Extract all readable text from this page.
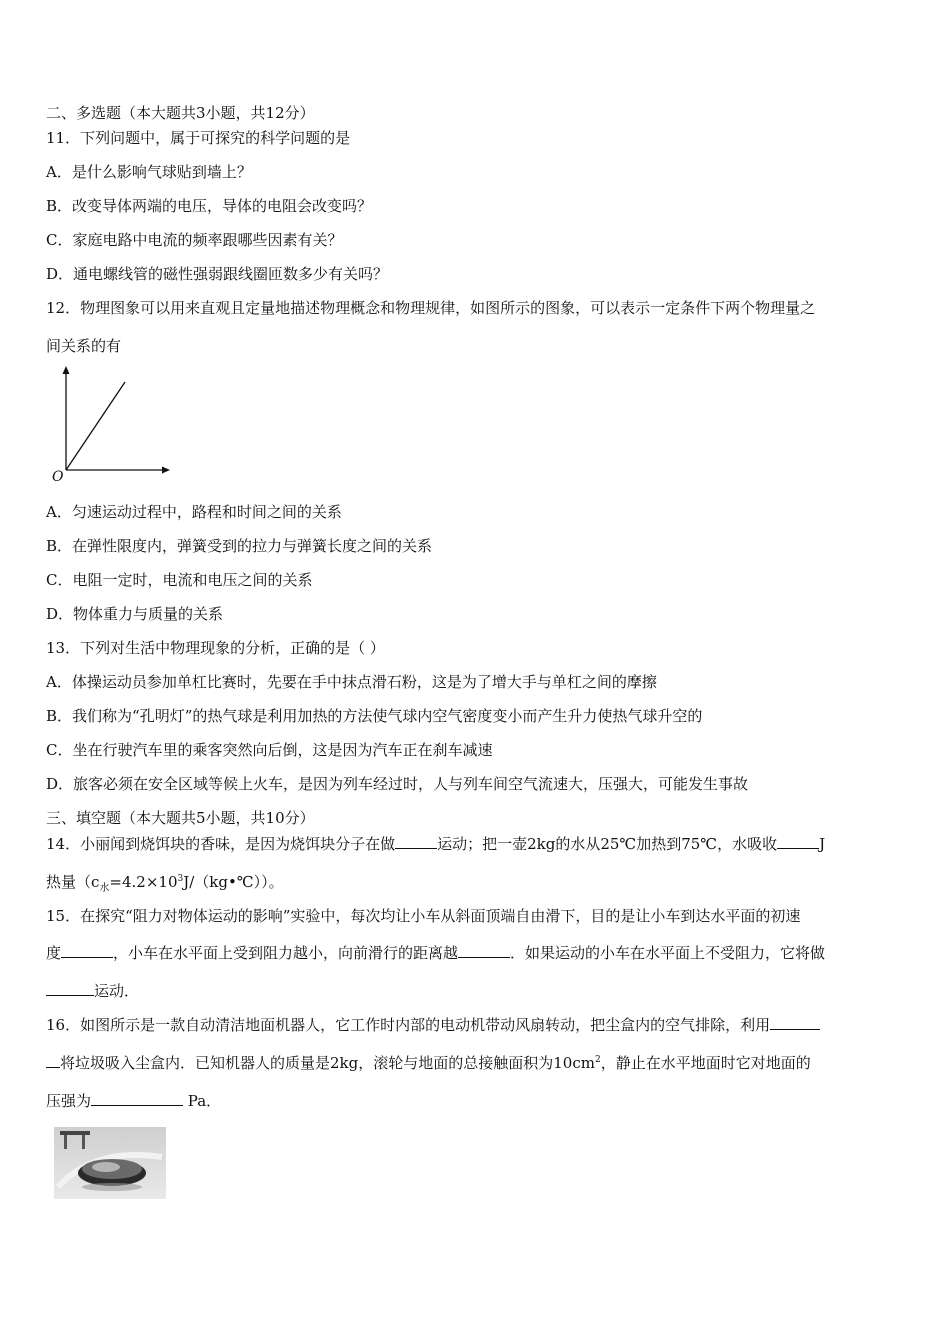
二、多选题（本大题共3小题，共12分）
11．下列问题中，属于可探究的科学问题的是
A．是什么影响气球贴到墙上？
B．改变导体两端的电压，导体的电阻会改变吗？
C．家庭电路中电流的频率跟哪些因素有关？
D．通电螺线管的磁性强弱跟线圈匝数多少有关吗？
12．物理图象可以用来直观且定量地描述物理概念和物理规律，如图所示的图象，可以表示一定条件下两个物理量之
间关系的有
O
A．匀速运动过程中，路程和时间之间的关系
B．在弹性限度内，弹簧受到的拉力与弹簧长度之间的关系
C．电阻一定时，电流和电压之间的关系
D．物体重力与质量的关系
13．下列对生活中物理现象的分析，正确的是（ ）
A．体操运动员参加单杠比赛时，先要在手中抹点滑石粉，这是为了增大手与单杠之间的摩擦
B．我们称为“孔明灯”的热气球是利用加热的方法使气球内空气密度变小而产生升力使热气球升空的
C．坐在行驶汽车里的乘客突然向后倒，这是因为汽车正在刹车减速
D．旅客必须在安全区域等候上火车，是因为列车经过时，人与列车间空气流速大，压强大，可能发生事故
三、填空题（本大题共5小题，共10分）
14．小丽闻到烧饵块的香味，是因为烧饵块分子在做	运动；把一壶2kg的水从25℃加热到75℃，水吸收	J
热量$(c_水=4.2\times 10^3J/(kg•℃))$。
15．在探究“阻力对物体运动的影响”实验中，每次均让小车从斜面顶端自由滑下，目的是让小车到达水平面的初速
度	，小车在水平面上受到阻力越小，向前滑行的距离越	．如果运动的小车在水平面上不受阻力，它将做
运动．
16．如图所示是一款自动清洁地面机器人，它工作时内部的电动机带动风扇转动，把尘盒内的空气排除，利用
将垃圾吸入尘盒内．已知机器人的质量是2kg，滚轮与地面的总接触面积为$10cm^2$，静止在水平地面时它对地面的
压强为	Pa．
